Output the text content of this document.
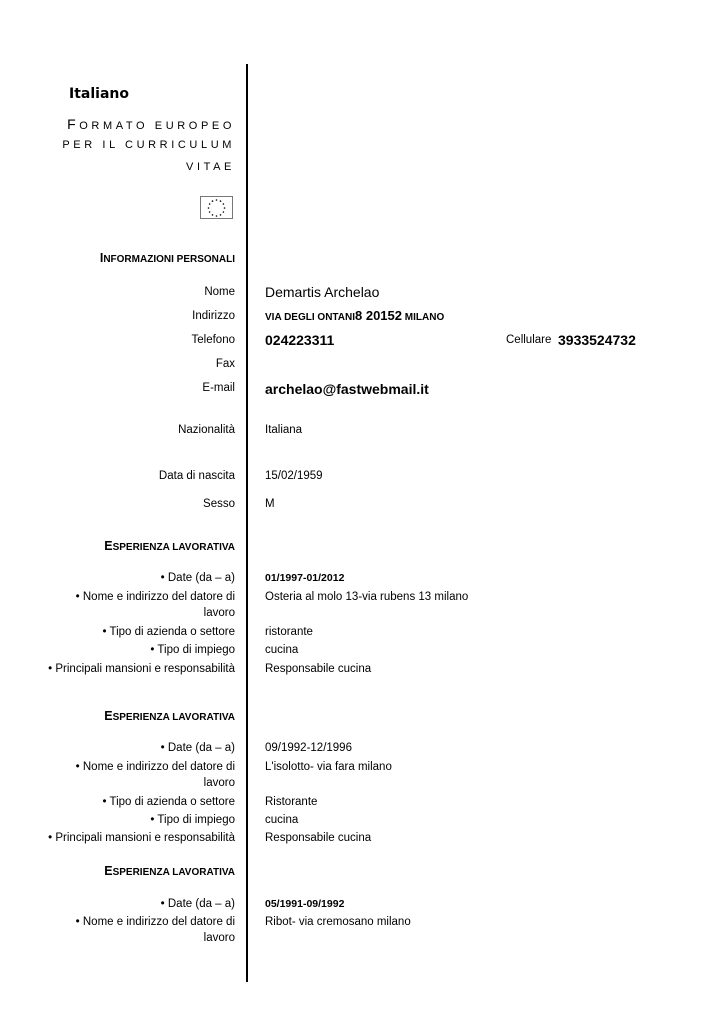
Italiano
FORMATO EUROPEO
PER IL CURRICULUM
VITAE
INFORMAZIONI PERSONALI
Nome Demartis Archelao
Indirizzo	VIA DEGLI ONTANI8 20152 MILANO
Telefono 024223311	Cellulare 3933524732
Fax
E-mail archelao@fastwebmail.it
Nazionalità	Italiana
Data di nascita	15/02/1959
Sesso	M
ESPERIENZA LAVORATIVA
• Date (da – a)	01/1997-01/2012
• Nome e indirizzo del datore di lavoro
Osteria al molo 13-via rubens 13 milano
• Tipo di azienda o settore	ristorante
• Tipo di impiego	cucina
• Principali mansioni e responsabilità	Responsabile cucina
ESPERIENZA LAVORATIVA
• Date (da – a)	09/1992-12/1996
• Nome e indirizzo del datore di lavoro
L'isolotto- via fara milano
• Tipo di azienda o settore	Ristorante
• Tipo di impiego	cucina
• Principali mansioni e responsabilità	Responsabile cucina
ESPERIENZA LAVORATIVA
• Date (da – a)	05/1991-09/1992
• Nome e indirizzo del datore di lavoro
Ribot- via cremosano milano
